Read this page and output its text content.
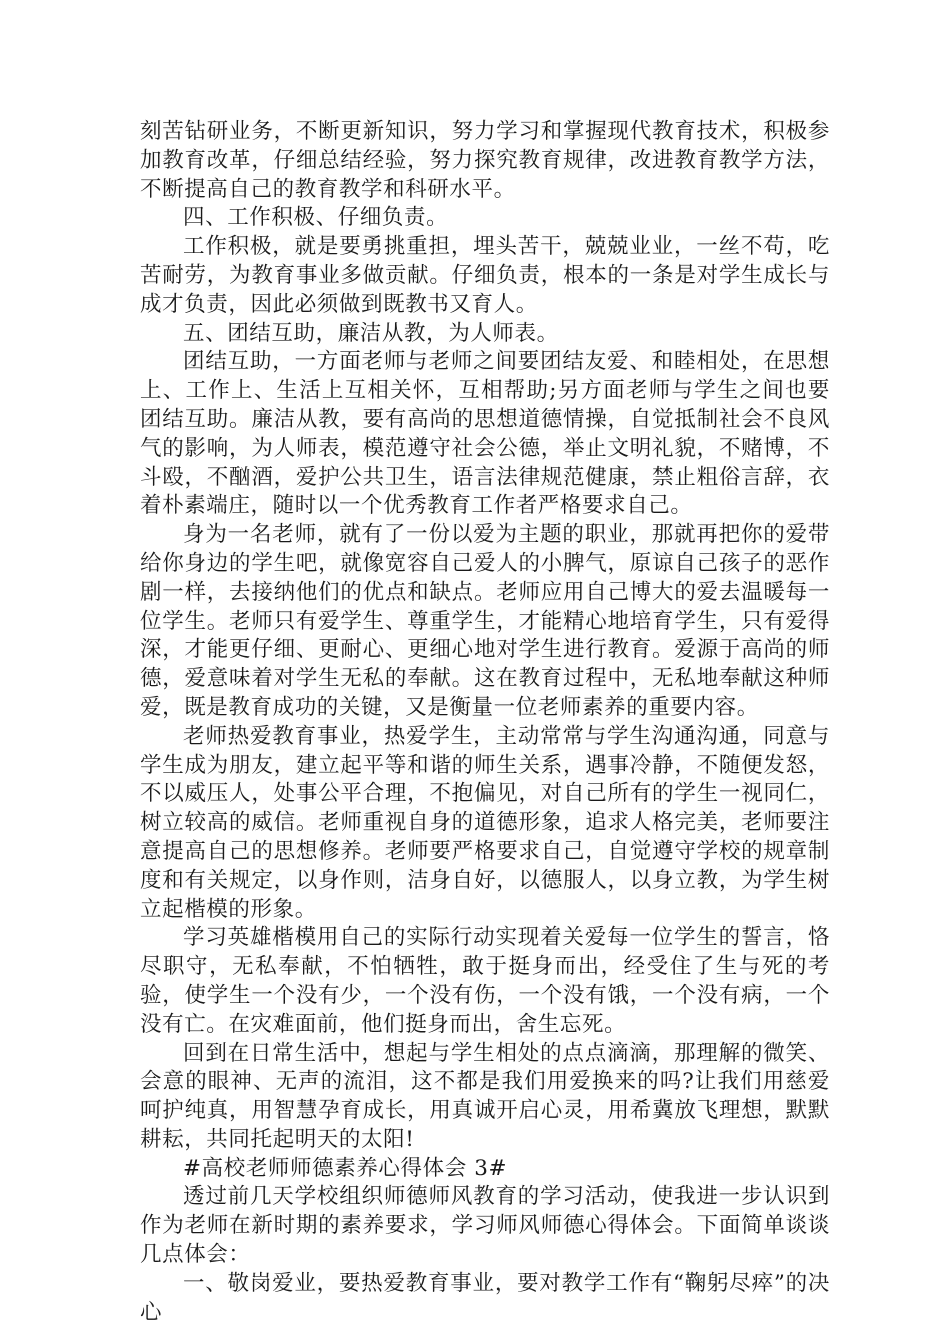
刻苦钻研业务，不断更新知识，努力学习和掌握现代教育技术，积极参加教育改革，仔细总结经验，努力探究教育规律，改进教育教学方法，不断提高自己的教育教学和科研水平。

四、工作积极、仔细负责。

工作积极，就是要勇挑重担，埋头苦干，兢兢业业，一丝不苟，吃苦耐劳，为教育事业多做贡献。仔细负责，根本的一条是对学生成长与成才负责，因此必须做到既教书又育人。

五、团结互助，廉洁从教，为人师表。

团结互助，一方面老师与老师之间要团结友爱、和睦相处，在思想上、工作上、生活上互相关怀，互相帮助;另方面老师与学生之间也要团结互助。廉洁从教，要有高尚的思想道德情操，自觉抵制社会不良风气的影响，为人师表，模范遵守社会公德，举止文明礼貌，不赌博，不斗殴，不酗酒，爱护公共卫生，语言法律规范健康，禁止粗俗言辞，衣着朴素端庄，随时以一个优秀教育工作者严格要求自己。

身为一名老师，就有了一份以爱为主题的职业，那就再把你的爱带给你身边的学生吧，就像宽容自己爱人的小脾气，原谅自己孩子的恶作剧一样，去接纳他们的优点和缺点。老师应用自己博大的爱去温暖每一位学生。老师只有爱学生、尊重学生，才能精心地培育学生，只有爱得深，才能更仔细、更耐心、更细心地对学生进行教育。爱源于高尚的师德，爱意味着对学生无私的奉献。这在教育过程中，无私地奉献这种师爱，既是教育成功的关键，又是衡量一位老师素养的重要内容。

老师热爱教育事业，热爱学生，主动常常与学生沟通沟通，同意与学生成为朋友，建立起平等和谐的师生关系，遇事冷静，不随便发怒，不以威压人，处事公平合理，不抱偏见，对自己所有的学生一视同仁，树立较高的威信。老师重视自身的道德形象，追求人格完美，老师要注意提高自己的思想修养。老师要严格要求自己，自觉遵守学校的规章制度和有关规定，以身作则，洁身自好，以德服人，以身立教，为学生树立起楷模的形象。

学习英雄楷模用自己的实际行动实现着关爱每一位学生的誓言，恪尽职守，无私奉献，不怕牺牲，敢于挺身而出，经受住了生与死的考验，使学生一个没有少，一个没有伤，一个没有饿，一个没有病，一个没有亡。在灾难面前，他们挺身而出，舍生忘死。

回到在日常生活中，想起与学生相处的点点滴滴，那理解的微笑、会意的眼神、无声的流泪，这不都是我们用爱换来的吗?让我们用慈爱呵护纯真，用智慧孕育成长，用真诚开启心灵，用希冀放飞理想，默默耕耘，共同托起明天的太阳!

#高校老师师德素养心得体会 3#

透过前几天学校组织师德师风教育的学习活动，使我进一步认识到作为老师在新时期的素养要求，学习师风师德心得体会。下面简单谈谈几点体会：

一、敬岗爱业，要热爱教育事业，要对教学工作有“鞠躬尽瘁”的决心
